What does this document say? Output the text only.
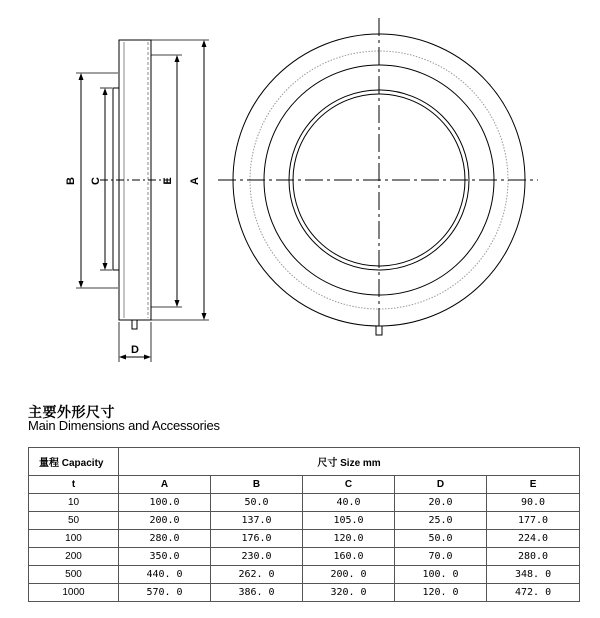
B C	E A
D
主要外形尺寸
Main Dimensions and Accessories
量程 Capacity	尺寸 Size mm				
t	A	B	C	D	E
10	100.0	50.0	40.0	20.0	90.0
50	200.0	137.0	105.0	25.0	177.0
100	280.0	176.0	120.0	50.0	224.0
200	350.0	230.0	160.0	70.0	280.0
500	440. 0	262. 0	200. 0	100. 0	348. 0
1000	570. 0	386. 0	320. 0	120. 0	472. 0
